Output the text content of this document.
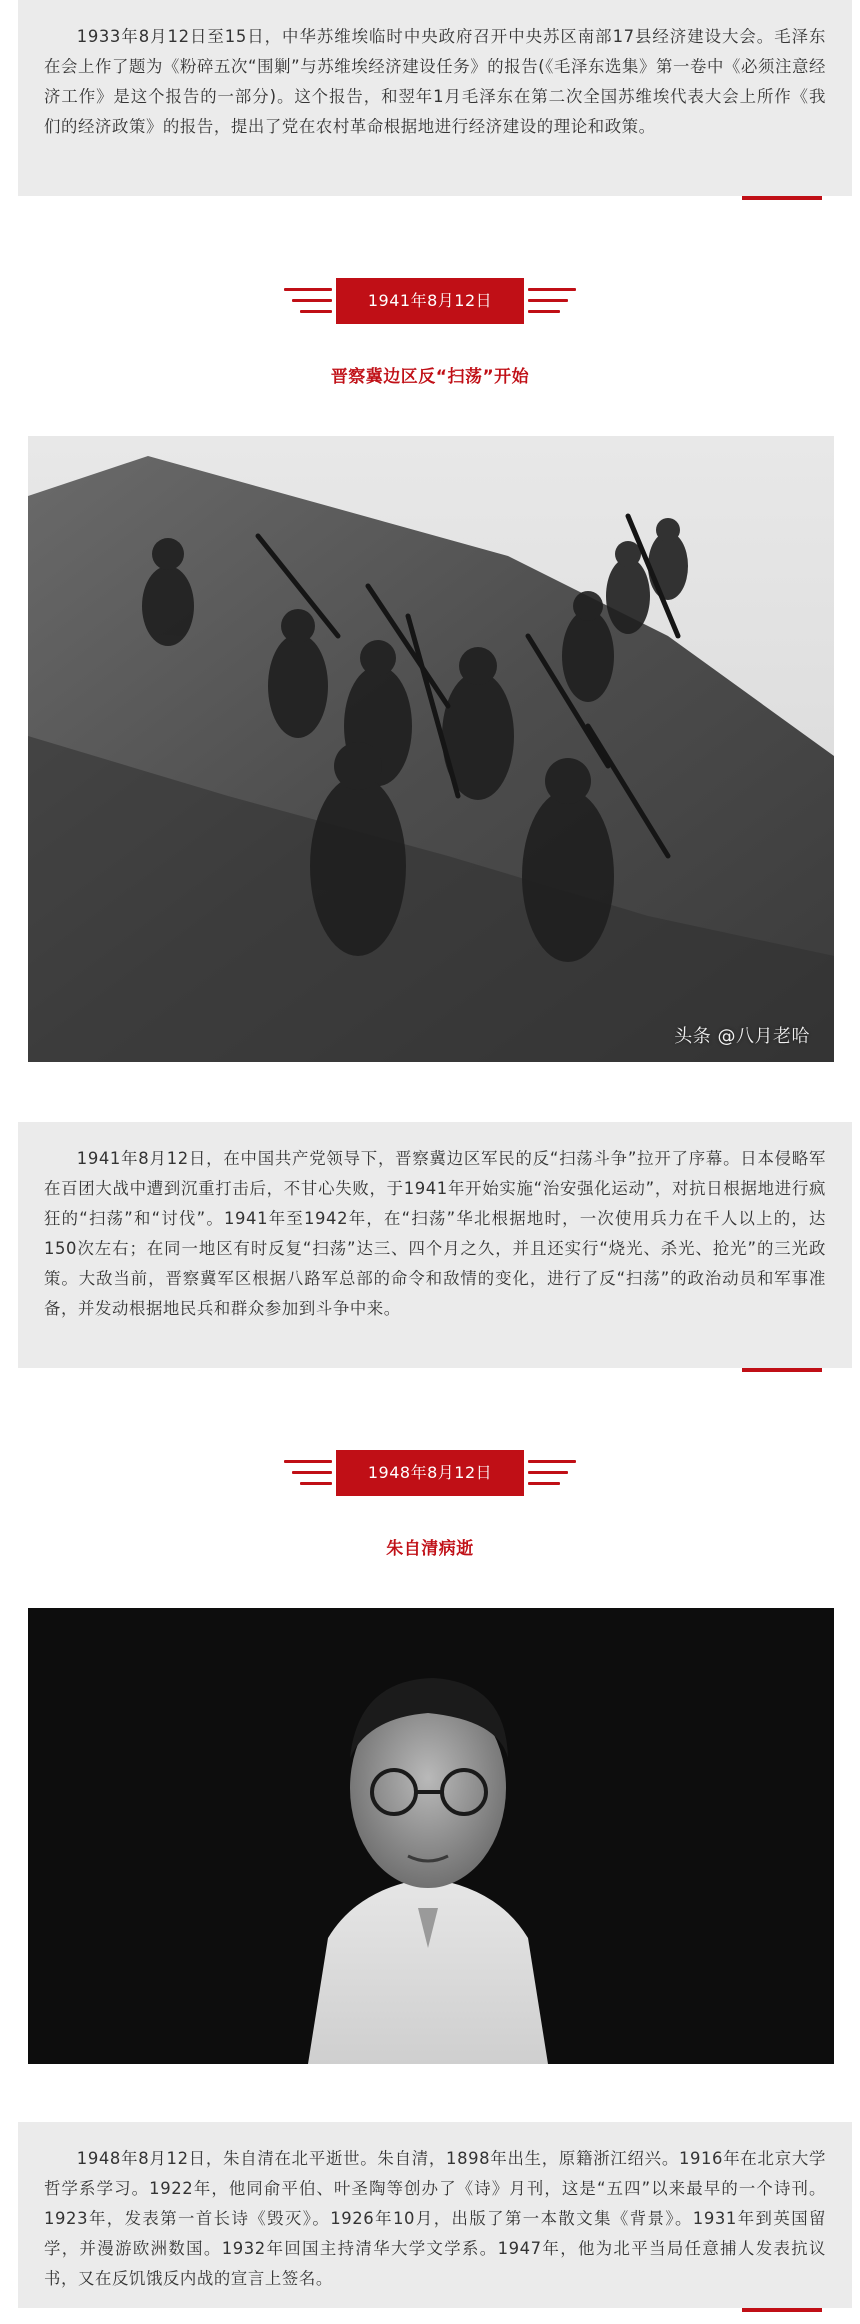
1933年8月12日至15日，中华苏维埃临时中央政府召开中央苏区南部17县经济建设大会。毛泽东在会上作了题为《粉碎五次“围剿”与苏维埃经济建设任务》的报告(《毛泽东选集》第一卷中《必须注意经济工作》是这个报告的一部分)。这个报告，和翌年1月毛泽东在第二次全国苏维埃代表大会上所作《我们的经济政策》的报告，提出了党在农村革命根据地进行经济建设的理论和政策。

1941年8月12日
晋察冀边区反“扫荡”开始
头条 @八月老哈

1941年8月12日，在中国共产党领导下，晋察冀边区军民的反“扫荡斗争”拉开了序幕。日本侵略军在百团大战中遭到沉重打击后，不甘心失败，于1941年开始实施“治安强化运动”，对抗日根据地进行疯狂的“扫荡”和“讨伐”。1941年至1942年，在“扫荡”华北根据地时，一次使用兵力在千人以上的，达150次左右；在同一地区有时反复“扫荡”达三、四个月之久，并且还实行“烧光、杀光、抢光”的三光政策。大敌当前，晋察冀军区根据八路军总部的命令和敌情的变化，进行了反“扫荡”的政治动员和军事准备，并发动根据地民兵和群众参加到斗争中来。

1948年8月12日
朱自清病逝

1948年8月12日，朱自清在北平逝世。朱自清，1898年出生，原籍浙江绍兴。1916年在北京大学哲学系学习。1922年，他同俞平伯、叶圣陶等创办了《诗》月刊，这是“五四”以来最早的一个诗刊。1923年，发表第一首长诗《毁灭》。1926年10月，出版了第一本散文集《背景》。1931年到英国留学，并漫游欧洲数国。1932年回国主持清华大学文学系。1947年，他为北平当局任意捕人发表抗议书，又在反饥饿反内战的宣言上签名。
